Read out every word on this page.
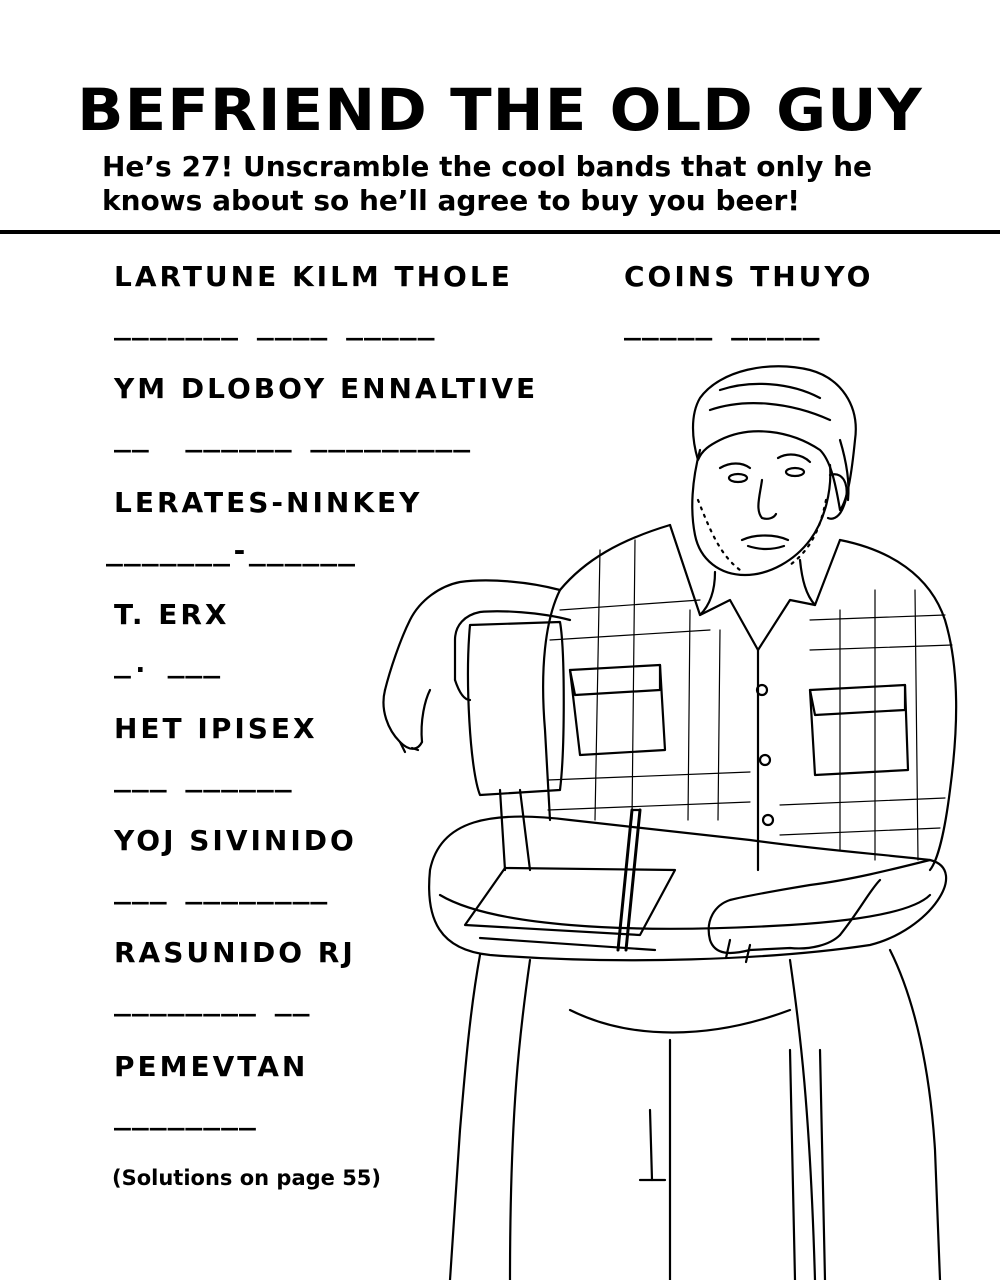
BEFRIEND THE OLD GUY
He’s 27! Unscramble the cool bands that only he knows about so he’ll agree to buy you beer!
LARTUNE KILM THOLE
_______ ____ _____
COINS THUYO
_____ _____
YM DLOBOY ENNALTIVE
__  ______ _________
LERATES-NINKEY
_______-______
T. ERX
_. ___
HET IPISEX
___ ______
YOJ SIVINIDO
___ ________
RASUNIDO RJ
________ __
PEMEVTAN
________
(Solutions on page 55)
